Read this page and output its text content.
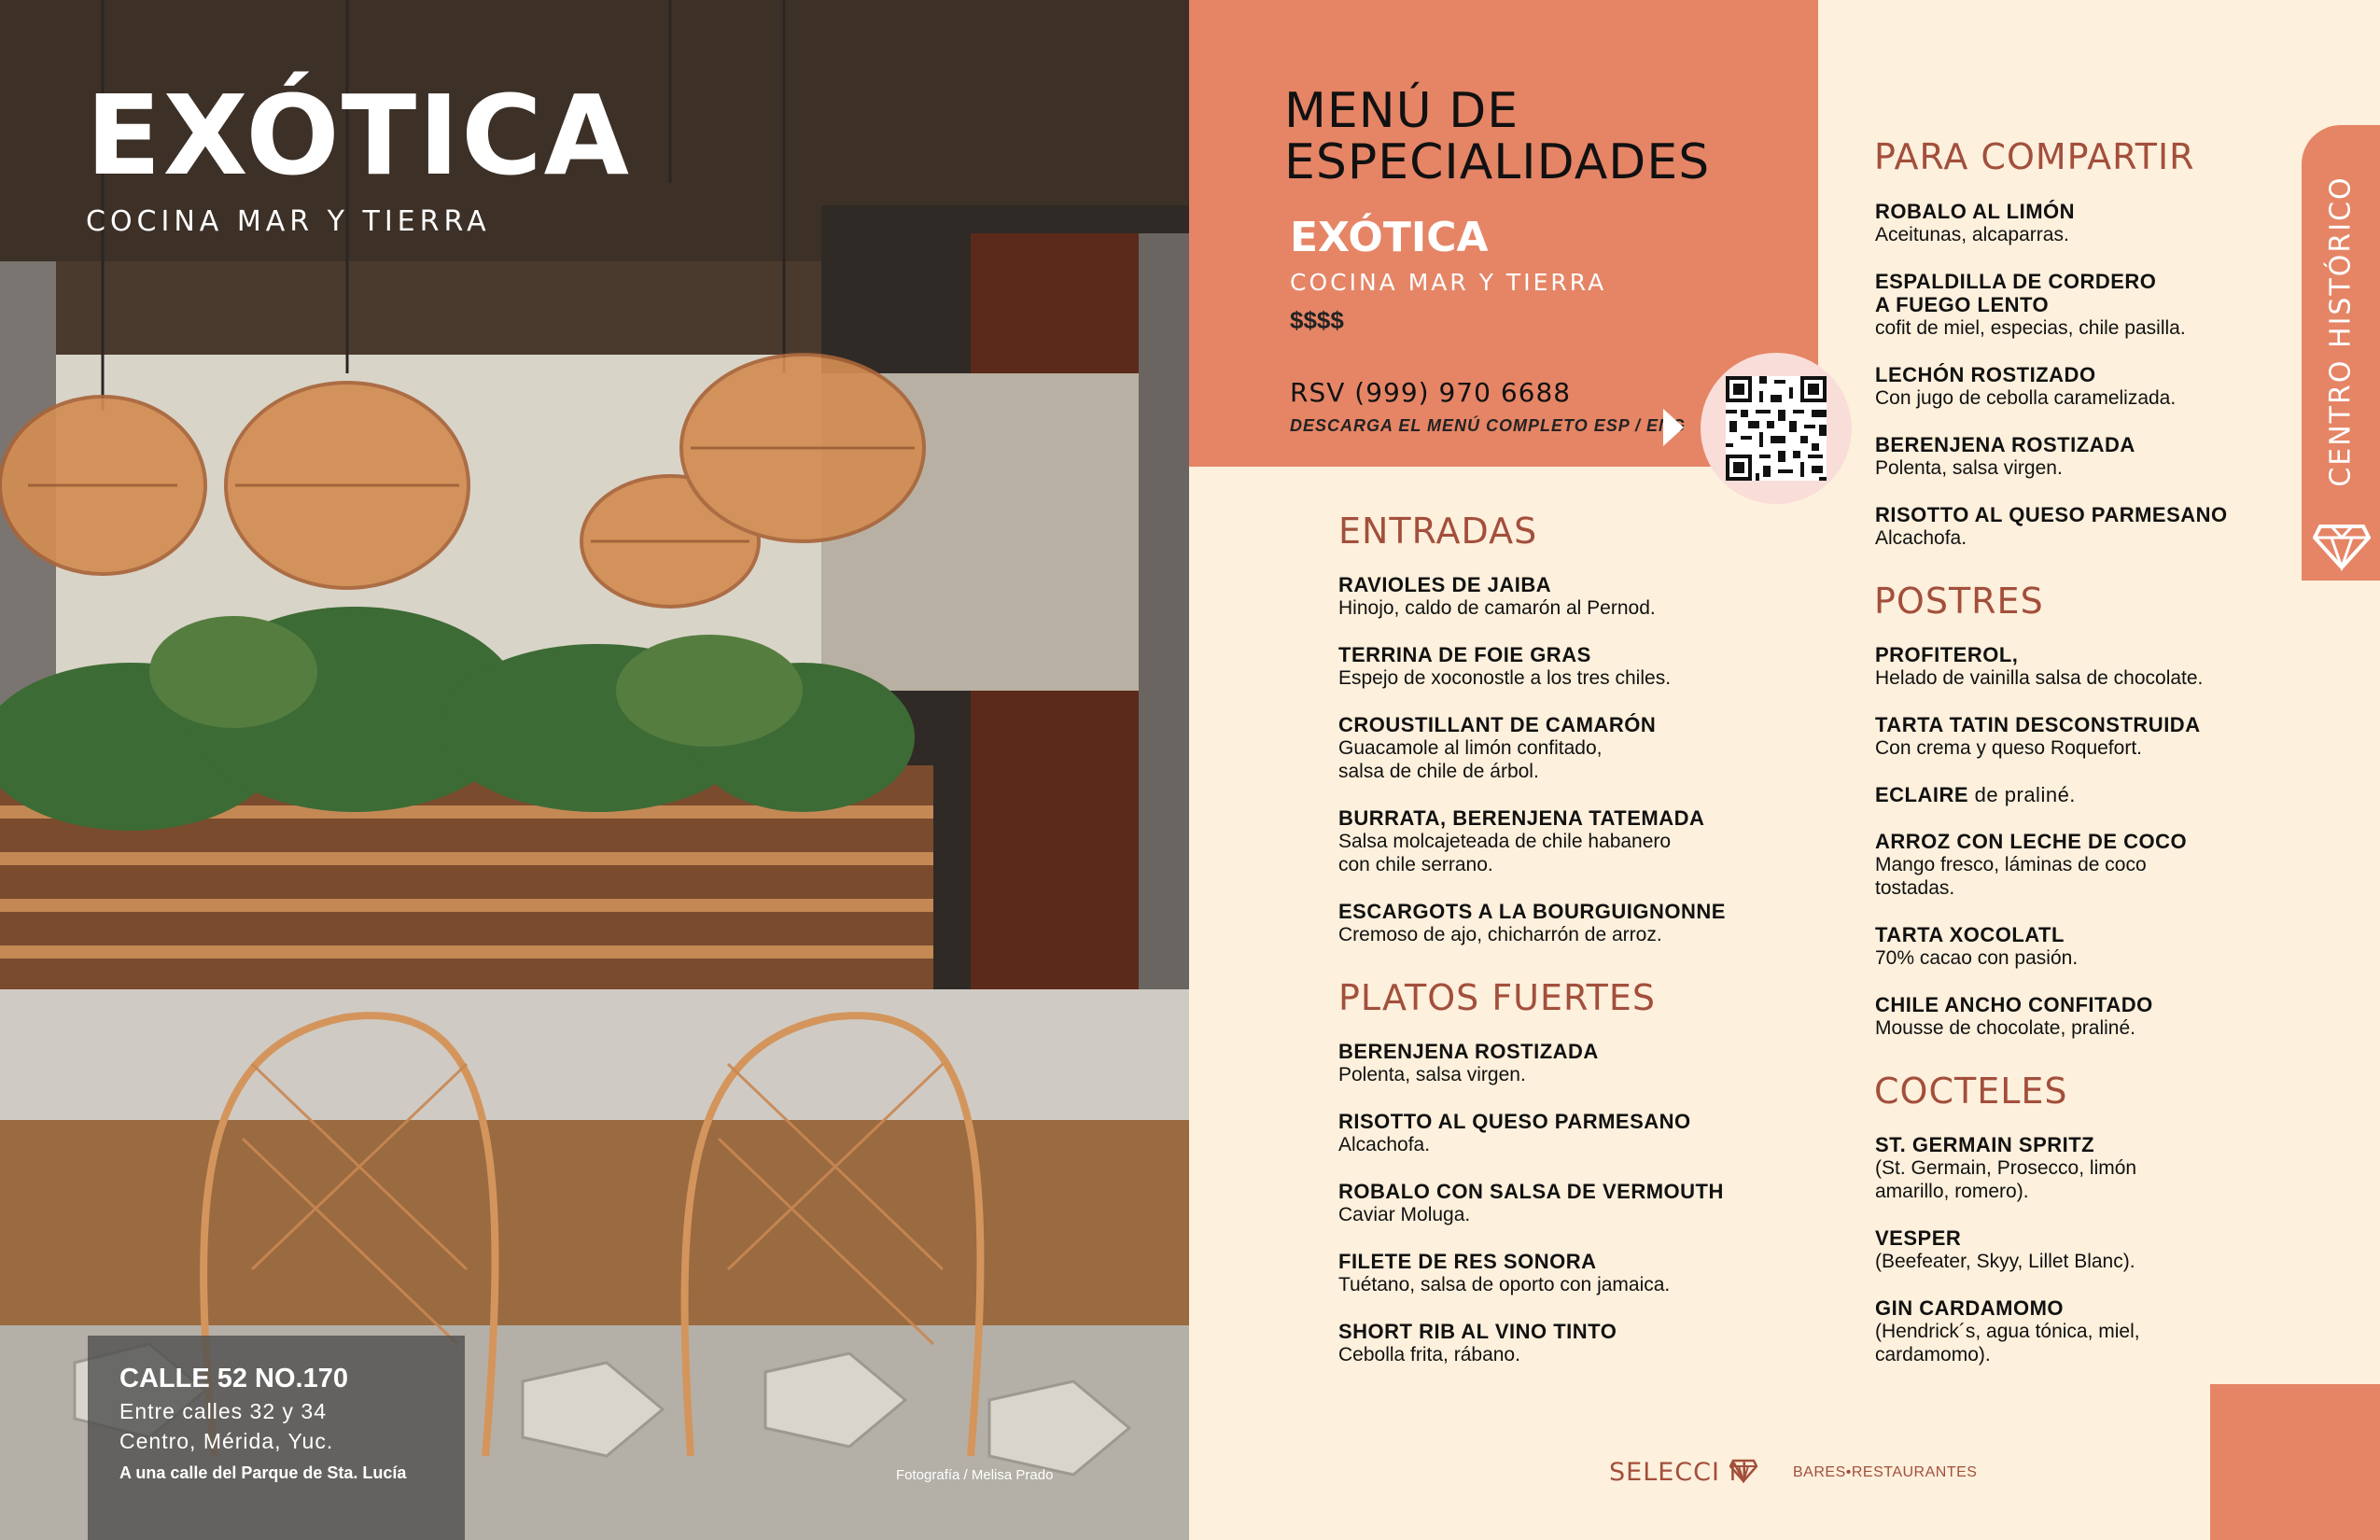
EXÓTICA
COCINA MAR Y TIERRA
CALLE 52 NO.170
Entre calles 32 y 34
Centro, Mérida, Yuc.
A una calle del Parque de Sta. Lucía	Fotografía / Melisa Prado
MENÚ DE
ESPECIALIDADES
EXÓTICA
COCINA MAR Y TIERRA
$$$$
RSV (999) 970 6688
DESCARGA EL MENÚ COMPLETO ESP / ENG
ENTRADAS
RAVIOLES DE JAIBA
Hinojo, caldo de camarón al Pernod.
TERRINA DE FOIE GRAS
Espejo de xoconostle a los tres chiles.
CROUSTILLANT DE CAMARÓN
Guacamole al limón confitado,
salsa de chile de árbol.
BURRATA, BERENJENA TATEMADA
Salsa molcajeteada de chile habanero
con chile serrano.
ESCARGOTS A LA BOURGUIGNONNE
Cremoso de ajo, chicharrón de arroz.
PLATOS FUERTES
BERENJENA ROSTIZADA
Polenta, salsa virgen.
RISOTTO AL QUESO PARMESANO
Alcachofa.
ROBALO CON SALSA DE VERMOUTH
Caviar Moluga.
FILETE DE RES SONORA
Tuétano, salsa de oporto con jamaica.
SHORT RIB AL VINO TINTO
Cebolla frita, rábano.
PARA COMPARTIR
ROBALO AL LIMÓN
Aceitunas, alcaparras.
ESPALDILLA DE CORDERO
A FUEGO LENTO
cofit de miel, especias, chile pasilla.
LECHÓN ROSTIZADO
Con jugo de cebolla caramelizada.
BERENJENA ROSTIZADA
Polenta, salsa virgen.
RISOTTO AL QUESO PARMESANO
Alcachofa.
POSTRES
PROFITEROL,
Helado de vainilla salsa de chocolate.
TARTA TATIN DESCONSTRUIDA
Con crema y queso Roquefort.
ECLAIRE de praliné.
ARROZ CON LECHE DE COCO
Mango fresco, láminas de coco
tostadas.
TARTA XOCOLATL
70% cacao con pasión.
CHILE ANCHO CONFITADO
Mousse de chocolate, praliné.
COCTELES
ST. GERMAIN SPRITZ
(St. Germain, Prosecco, limón
amarillo, romero).
VESPER
(Beefeater, Skyy, Lillet Blanc).
GIN CARDAMOMO
(Hendrick´s, agua tónica, miel,
cardamomo).
CENTRO HISTÓRICO
SELECCI N	BARES•RESTAURANTES
